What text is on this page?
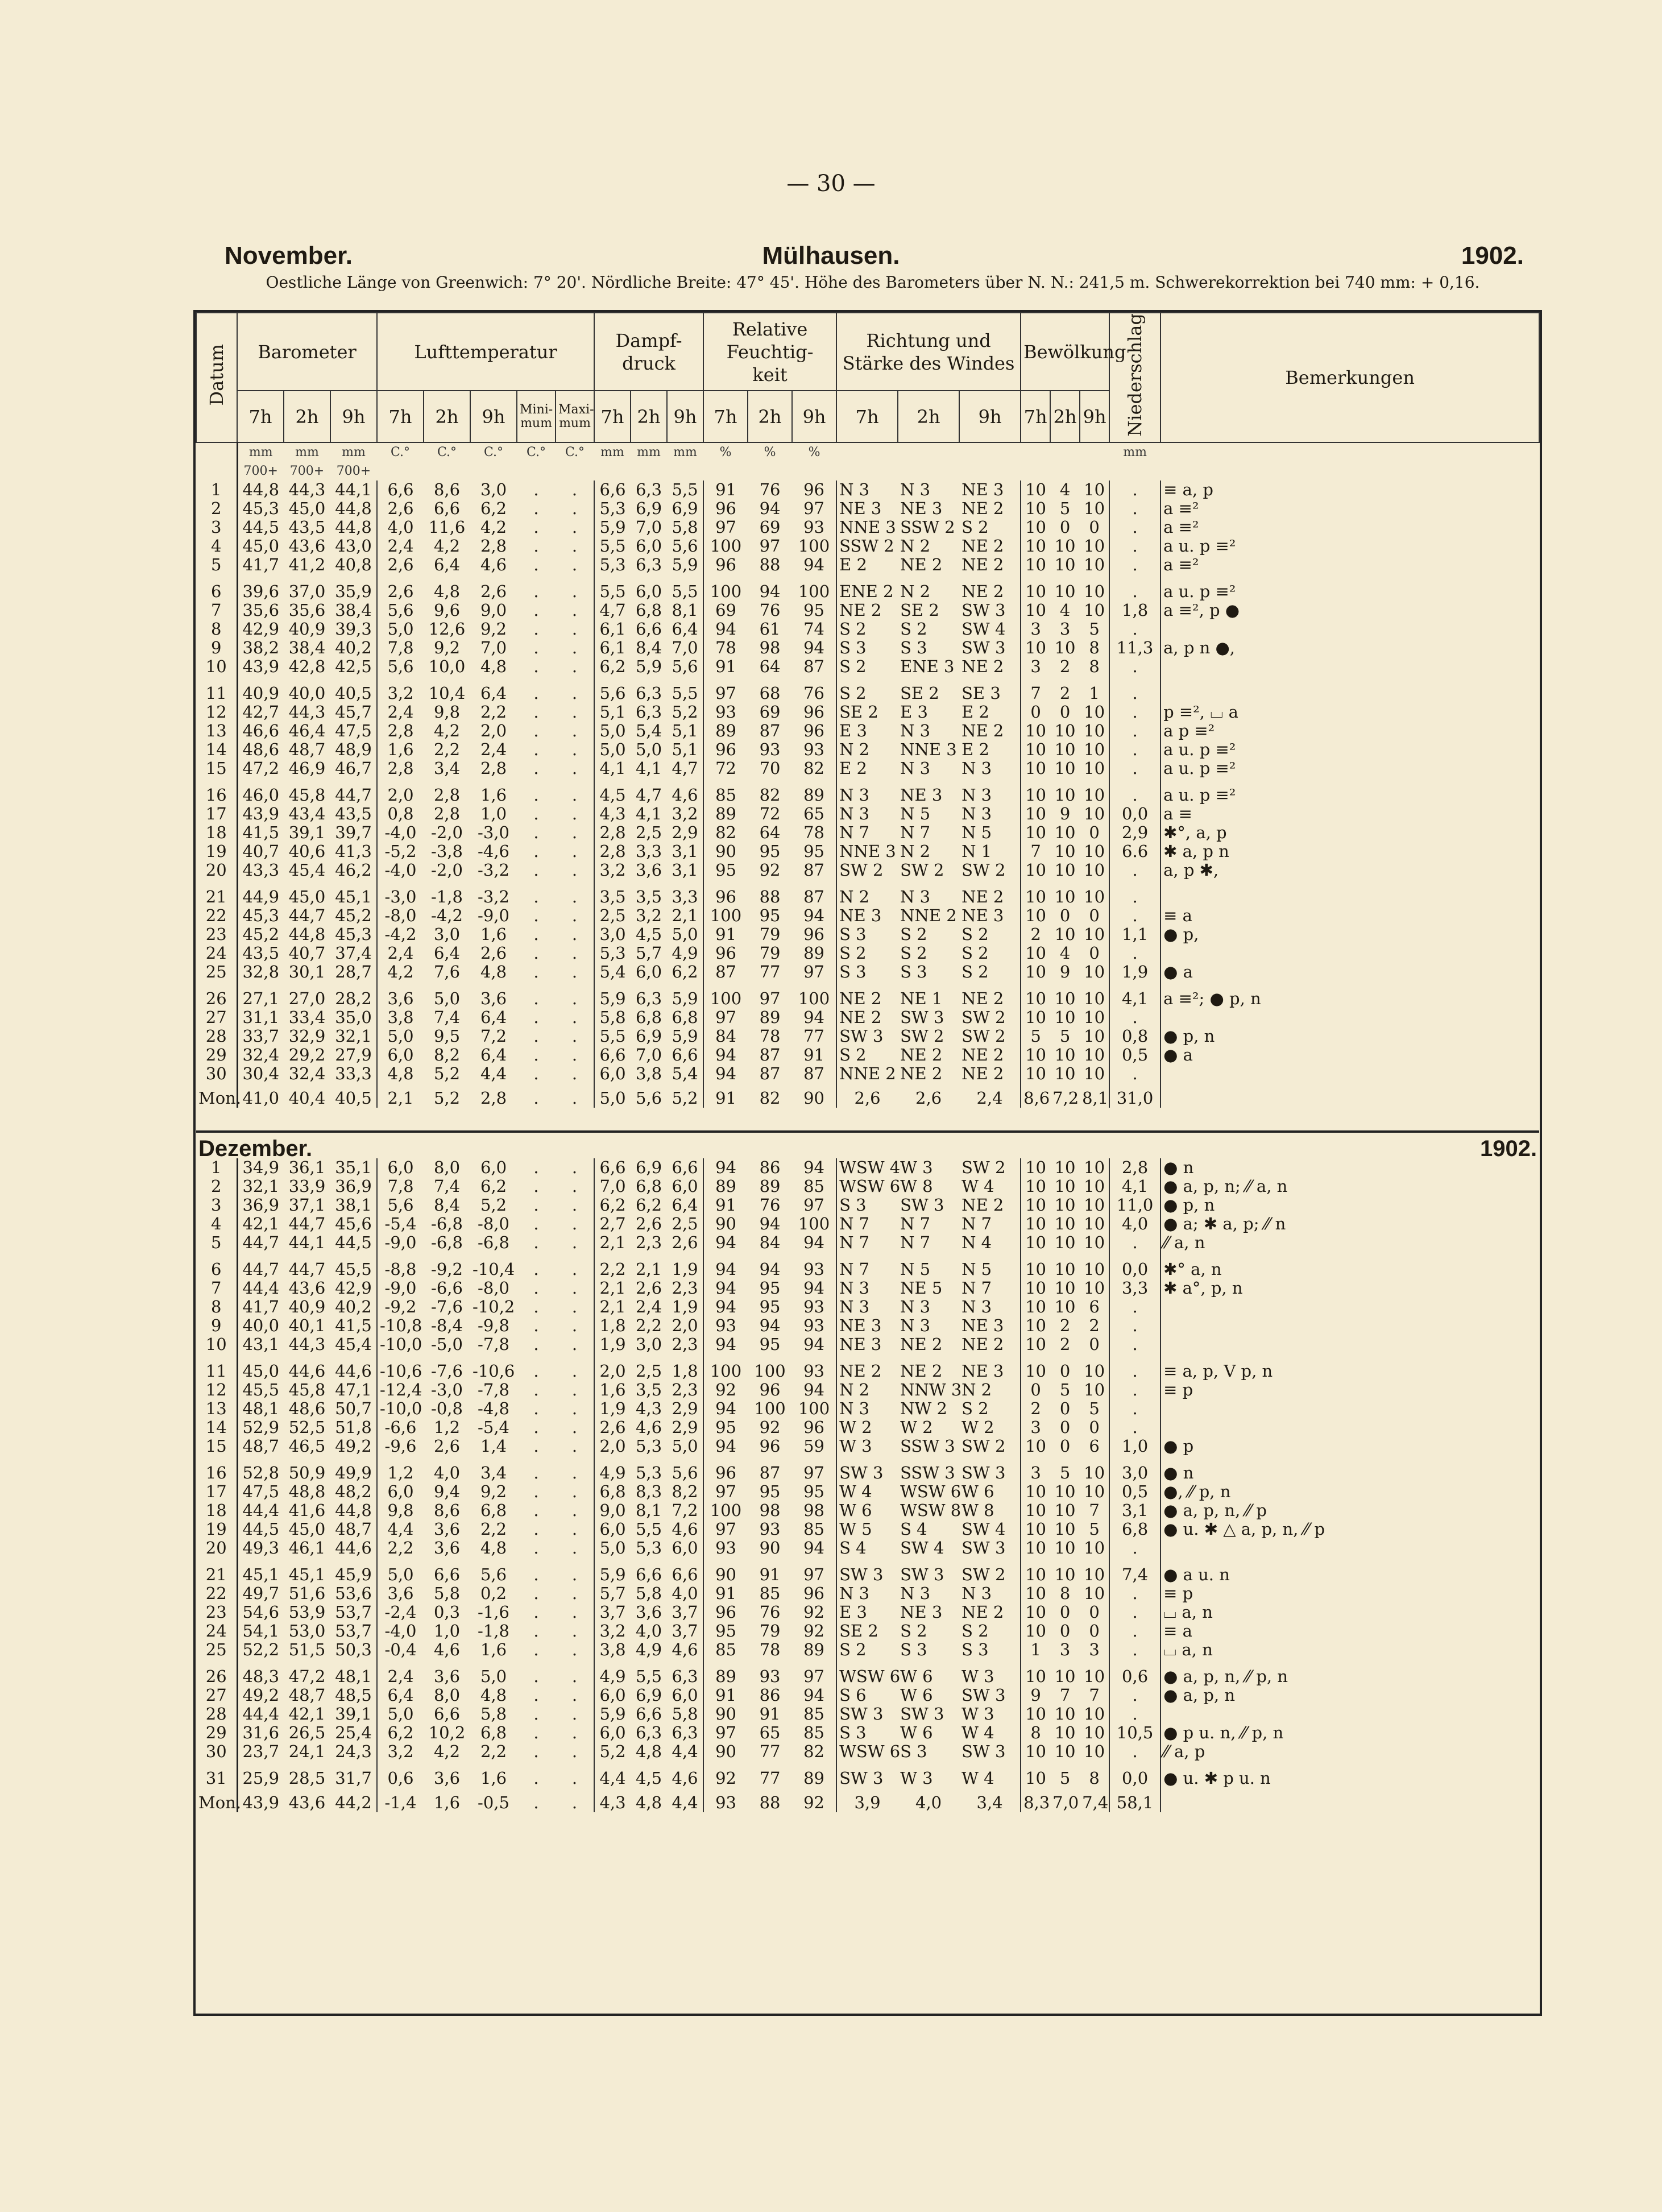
— 30 —
November.	Mülhausen.	1902.
Oestliche Länge von Greenwich: 7° 20'. Nördliche Breite: 47° 45'. Höhe des Barometers über N. N.: 241,5 m. Schwerekorrektion bei 740 mm: + 0,16.
Datum	Barometer			Lufttemperatur					Dampf- druck			Relative Feuchtig- keit			Richtung und Stärke des Windes			Bewölkung			Niederschlag	Bemerkungen
	7h	2h	9h	7h	2h	9h	Mini- mum	Maxi- mum	7h	2h	9h	7h	2h	9h	7h	2h	9h	7h	2h	9h		
	mm	mm	mm	C.°	C.°	C.°	C.°	C.°	mm	mm	mm	%	%	%							mm	
	700+	700+	700+																			
1	44,8	44,3	44,1	6,6	8,6	3,0	.	.	6,6	6,3	5,5	91	76	96	N 3	N 3	NE 3	10	4	10	.	≡ a, p
2	45,3	45,0	44,8	2,6	6,6	6,2	.	.	5,3	6,9	6,9	96	94	97	NE 3	NE 3	NE 2	10	5	10	.	a ≡²
3	44,5	43,5	44,8	4,0	11,6	4,2	.	.	5,9	7,0	5,8	97	69	93	NNE 3	SSW 2	S 2	10	0	0	.	a ≡²
4	45,0	43,6	43,0	2,4	4,2	2,8	.	.	5,5	6,0	5,6	100	97	100	SSW 2	N 2	NE 2	10	10	10	.	a u. p ≡²
5	41,7	41,2	40,8	2,6	6,4	4,6	.	.	5,3	6,3	5,9	96	88	94	E 2	NE 2	NE 2	10	10	10	.	a ≡²
6	39,6	37,0	35,9	2,6	4,8	2,6	.	.	5,5	6,0	5,5	100	94	100	ENE 2	N 2	NE 2	10	10	10	.	a u. p ≡²
7	35,6	35,6	38,4	5,6	9,6	9,0	.	.	4,7	6,8	8,1	69	76	95	NE 2	SE 2	SW 3	10	4	10	1,8	a ≡², p ●
8	42,9	40,9	39,3	5,0	12,6	9,2	.	.	6,1	6,6	6,4	94	61	74	S 2	S 2	SW 4	3	3	5	.	
9	38,2	38,4	40,2	7,8	9,2	7,0	.	.	6,1	8,4	7,0	78	98	94	S 3	S 3	SW 3	10	10	8	11,3	a, p n ●,
10	43,9	42,8	42,5	5,6	10,0	4,8	.	.	6,2	5,9	5,6	91	64	87	S 2	ENE 3	NE 2	3	2	8	.	
11	40,9	40,0	40,5	3,2	10,4	6,4	.	.	5,6	6,3	5,5	97	68	76	S 2	SE 2	SE 3	7	2	1	.	
12	42,7	44,3	45,7	2,4	9,8	2,2	.	.	5,1	6,3	5,2	93	69	96	SE 2	E 3	E 2	0	0	10	.	p ≡², ⌴ a
13	46,6	46,4	47,5	2,8	4,2	2,0	.	.	5,0	5,4	5,1	89	87	96	E 3	N 3	NE 2	10	10	10	.	a p ≡²
14	48,6	48,7	48,9	1,6	2,2	2,4	.	.	5,0	5,0	5,1	96	93	93	N 2	NNE 3	E 2	10	10	10	.	a u. p ≡²
15	47,2	46,9	46,7	2,8	3,4	2,8	.	.	4,1	4,1	4,7	72	70	82	E 2	N 3	N 3	10	10	10	.	a u. p ≡²
16	46,0	45,8	44,7	2,0	2,8	1,6	.	.	4,5	4,7	4,6	85	82	89	N 3	NE 3	N 3	10	10	10	.	a u. p ≡²
17	43,9	43,4	43,5	0,8	2,8	1,0	.	.	4,3	4,1	3,2	89	72	65	N 3	N 5	N 3	10	9	10	0,0	a ≡
18	41,5	39,1	39,7	-4,0	-2,0	-3,0	.	.	2,8	2,5	2,9	82	64	78	N 7	N 7	N 5	10	10	0	2,9	✱°, a, p
19	40,7	40,6	41,3	-5,2	-3,8	-4,6	.	.	2,8	3,3	3,1	90	95	95	NNE 3	N 2	N 1	7	10	10	6.6	✱ a, p n
20	43,3	45,4	46,2	-4,0	-2,0	-3,2	.	.	3,2	3,6	3,1	95	92	87	SW 2	SW 2	SW 2	10	10	10	.	a, p ✱,
21	44,9	45,0	45,1	-3,0	-1,8	-3,2	.	.	3,5	3,5	3,3	96	88	87	N 2	N 3	NE 2	10	10	10	.	
22	45,3	44,7	45,2	-8,0	-4,2	-9,0	.	.	2,5	3,2	2,1	100	95	94	NE 3	NNE 2	NE 3	10	0	0	.	≡ a
23	45,2	44,8	45,3	-4,2	3,0	1,6	.	.	3,0	4,5	5,0	91	79	96	S 3	S 2	S 2	2	10	10	1,1	● p,
24	43,5	40,7	37,4	2,4	6,4	2,6	.	.	5,3	5,7	4,9	96	79	89	S 2	S 2	S 2	10	4	0	.	
25	32,8	30,1	28,7	4,2	7,6	4,8	.	.	5,4	6,0	6,2	87	77	97	S 3	S 3	S 2	10	9	10	1,9	● a
26	27,1	27,0	28,2	3,6	5,0	3,6	.	.	5,9	6,3	5,9	100	97	100	NE 2	NE 1	NE 2	10	10	10	4,1	a ≡²; ● p, n
27	31,1	33,4	35,0	3,8	7,4	6,4	.	.	5,8	6,8	6,8	97	89	94	NE 2	SW 3	SW 2	10	10	10	.	
28	33,7	32,9	32,1	5,0	9,5	7,2	.	.	5,5	6,9	5,9	84	78	77	SW 3	SW 2	SW 2	5	5	10	0,8	● p, n
29	32,4	29,2	27,9	6,0	8,2	6,4	.	.	6,6	7,0	6,6	94	87	91	S 2	NE 2	NE 2	10	10	10	0,5	● a
30	30,4	32,4	33,3	4,8	5,2	4,4	.	.	6,0	3,8	5,4	94	87	87	NNE 2	NE 2	NE 2	10	10	10	.	
Mon.	41,0	40,4	40,5	2,1	5,2	2,8	.	.	5,0	5,6	5,2	91	82	90	2,6	2,6	2,4	8,6	7,2	8,1	31,0	

Dezember.																					1902.	
1	34,9	36,1	35,1	6,0	8,0	6,0	.	.	6,6	6,9	6,6	94	86	94	WSW 4	W 3	SW 2	10	10	10	2,8	● n
2	32,1	33,9	36,9	7,8	7,4	6,2	.	.	7,0	6,8	6,0	89	89	85	WSW 6	W 8	W 4	10	10	10	4,1	● a, p, n; ⁄⁄ a, n
3	36,9	37,1	38,1	5,6	8,4	5,2	.	.	6,2	6,2	6,4	91	76	97	S 3	SW 3	NE 2	10	10	10	11,0	● p, n
4	42,1	44,7	45,6	-5,4	-6,8	-8,0	.	.	2,7	2,6	2,5	90	94	100	N 7	N 7	N 7	10	10	10	4,0	● a; ✱ a, p; ⁄⁄ n
5	44,7	44,1	44,5	-9,0	-6,8	-6,8	.	.	2,1	2,3	2,6	94	84	94	N 7	N 7	N 4	10	10	10	.	⁄⁄ a, n
6	44,7	44,7	45,5	-8,8	-9,2	-10,4	.	.	2,2	2,1	1,9	94	94	93	N 7	N 5	N 5	10	10	10	0,0	✱° a, n
7	44,4	43,6	42,9	-9,0	-6,6	-8,0	.	.	2,1	2,6	2,3	94	95	94	N 3	NE 5	N 7	10	10	10	3,3	✱ a°, p, n
8	41,7	40,9	40,2	-9,2	-7,6	-10,2	.	.	2,1	2,4	1,9	94	95	93	N 3	N 3	N 3	10	10	6	.	
9	40,0	40,1	41,5	-10,8	-8,4	-9,8	.	.	1,8	2,2	2,0	93	94	93	NE 3	N 3	NE 3	10	2	2	.	
10	43,1	44,3	45,4	-10,0	-5,0	-7,8	.	.	1,9	3,0	2,3	94	95	94	NE 3	NE 2	NE 2	10	2	0	.	
11	45,0	44,6	44,6	-10,6	-7,6	-10,6	.	.	2,0	2,5	1,8	100	100	93	NE 2	NE 2	NE 3	10	0	10	.	≡ a, p, V p, n
12	45,5	45,8	47,1	-12,4	-3,0	-7,8	.	.	1,6	3,5	2,3	92	96	94	N 2	NNW 3	N 2	0	5	10	.	≡ p
13	48,1	48,6	50,7	-10,0	-0,8	-4,8	.	.	1,9	4,3	2,9	94	100	100	N 3	NW 2	S 2	2	0	5	.	
14	52,9	52,5	51,8	-6,6	1,2	-5,4	.	.	2,6	4,6	2,9	95	92	96	W 2	W 2	W 2	3	0	0	.	
15	48,7	46,5	49,2	-9,6	2,6	1,4	.	.	2,0	5,3	5,0	94	96	59	W 3	SSW 3	SW 2	10	0	6	1,0	● p
16	52,8	50,9	49,9	1,2	4,0	3,4	.	.	4,9	5,3	5,6	96	87	97	SW 3	SSW 3	SW 3	3	5	10	3,0	● n
17	47,5	48,8	48,2	6,0	9,4	9,2	.	.	6,8	8,3	8,2	97	95	95	W 4	WSW 6	W 6	10	10	10	0,5	●, ⁄⁄ p, n
18	44,4	41,6	44,8	9,8	8,6	6,8	.	.	9,0	8,1	7,2	100	98	98	W 6	WSW 8	W 8	10	10	7	3,1	● a, p, n, ⁄⁄ p
19	44,5	45,0	48,7	4,4	3,6	2,2	.	.	6,0	5,5	4,6	97	93	85	W 5	S 4	SW 4	10	10	5	6,8	● u. ✱ △ a, p, n, ⁄⁄ p
20	49,3	46,1	44,6	2,2	3,6	4,8	.	.	5,0	5,3	6,0	93	90	94	S 4	SW 4	SW 3	10	10	10	.	
21	45,1	45,1	45,9	5,0	6,6	5,6	.	.	5,9	6,6	6,6	90	91	97	SW 3	SW 3	SW 2	10	10	10	7,4	● a u. n
22	49,7	51,6	53,6	3,6	5,8	0,2	.	.	5,7	5,8	4,0	91	85	96	N 3	N 3	N 3	10	8	10	.	≡ p
23	54,6	53,9	53,7	-2,4	0,3	-1,6	.	.	3,7	3,6	3,7	96	76	92	E 3	NE 3	NE 2	10	0	0	.	⌴ a, n
24	54,1	53,0	53,7	-4,0	1,0	-1,8	.	.	3,2	4,0	3,7	95	79	92	SE 2	S 2	S 2	10	0	0	.	≡ a
25	52,2	51,5	50,3	-0,4	4,6	1,6	.	.	3,8	4,9	4,6	85	78	89	S 2	S 3	S 3	1	3	3	.	⌴ a, n
26	48,3	47,2	48,1	2,4	3,6	5,0	.	.	4,9	5,5	6,3	89	93	97	WSW 6	W 6	W 3	10	10	10	0,6	● a, p, n, ⁄⁄ p, n
27	49,2	48,7	48,5	6,4	8,0	4,8	.	.	6,0	6,9	6,0	91	86	94	S 6	W 6	SW 3	9	7	7	.	● a, p, n
28	44,4	42,1	39,1	5,0	6,6	5,8	.	.	5,9	6,6	5,8	90	91	85	SW 3	SW 3	W 3	10	10	10	.	
29	31,6	26,5	25,4	6,2	10,2	6,8	.	.	6,0	6,3	6,3	97	65	85	S 3	W 6	W 4	8	10	10	10,5	● p u. n, ⁄⁄ p, n
30	23,7	24,1	24,3	3,2	4,2	2,2	.	.	5,2	4,8	4,4	90	77	82	WSW 6	S 3	SW 3	10	10	10	.	⁄⁄ a, p
31	25,9	28,5	31,7	0,6	3,6	1,6	.	.	4,4	4,5	4,6	92	77	89	SW 3	W 3	W 4	10	5	8	0,0	● u. ✱ p u. n
Mon.	43,9	43,6	44,2	-1,4	1,6	-0,5	.	.	4,3	4,8	4,4	93	88	92	3,9	4,0	3,4	8,3	7,0	7,4	58,1	
